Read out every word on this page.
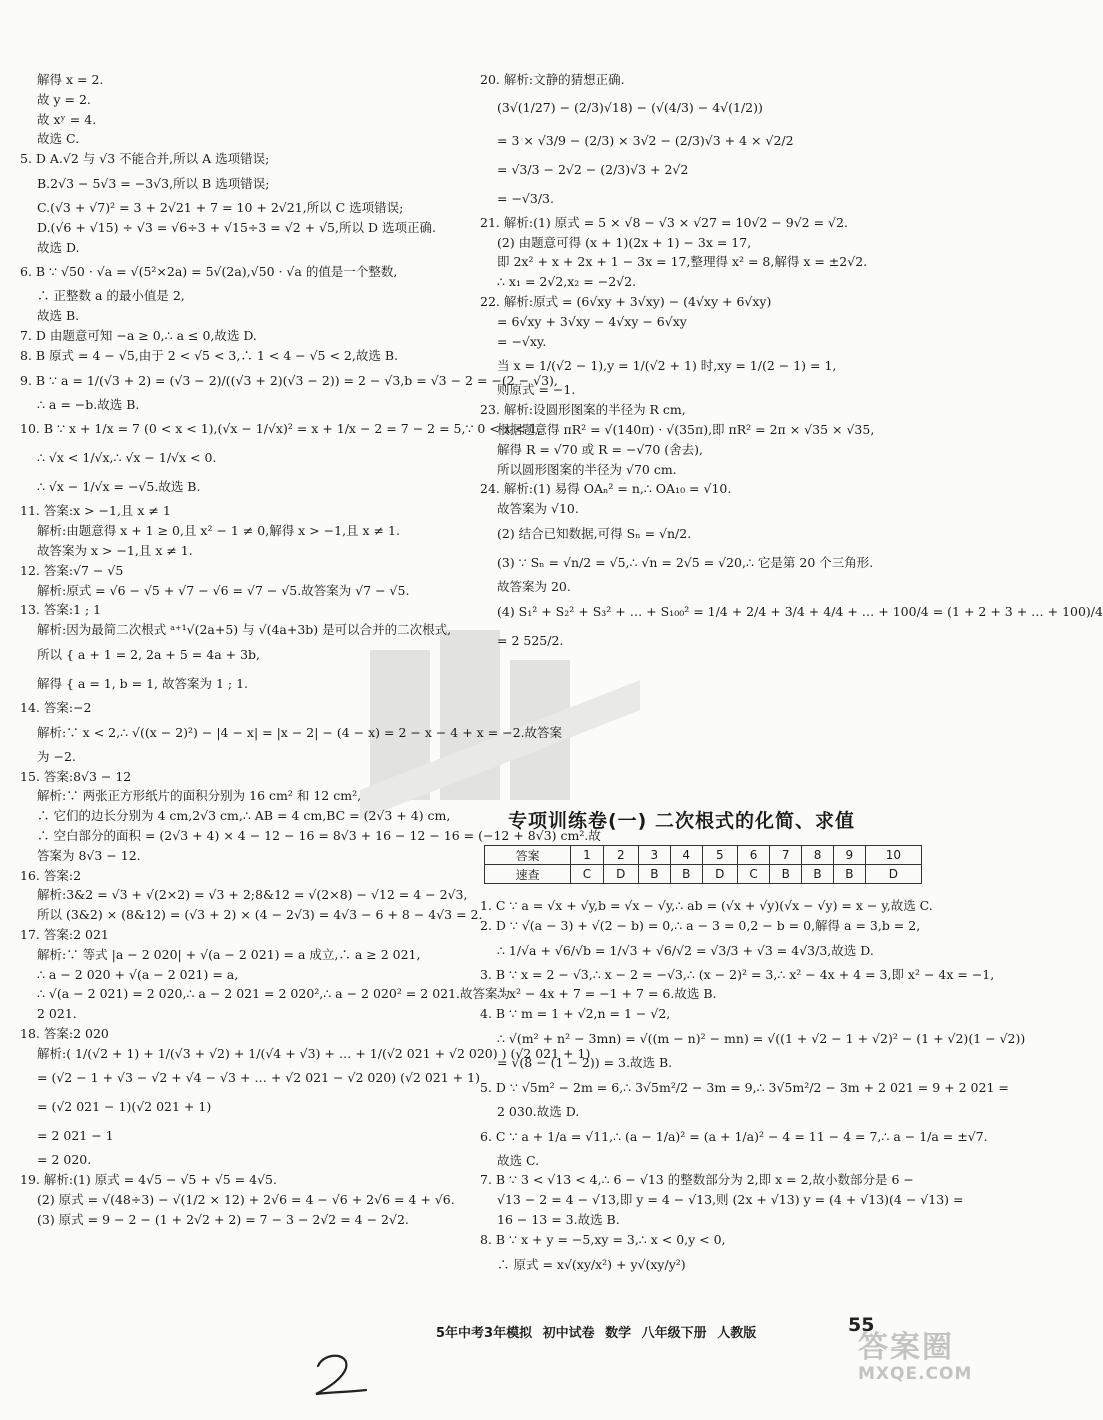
解得 x = 2.
故 y = 2.
故 xʸ = 4.
故选 C.
5. D A.√2 与 √3 不能合并,所以 A 选项错误;
B.2√3 − 5√3 = −3√3,所以 B 选项错误;
C.(√3 + √7)² = 3 + 2√21 + 7 = 10 + 2√21,所以 C 选项错误;
D.(√6 + √15) ÷ √3 = √6÷3 + √15÷3 = √2 + √5,所以 D 选项正确.
故选 D.
6. B ∵ √50 · √a = √(5²×2a) = 5√(2a),√50 · √a 的值是一个整数,
∴ 正整数 a 的最小值是 2,
故选 B.
7. D 由题意可知 −a ≥ 0,∴ a ≤ 0,故选 D.
8. B 原式 = 4 − √5,由于 2 < √5 < 3,∴ 1 < 4 − √5 < 2,故选 B.
9. B ∵ a = 1/(√3 + 2) = (√3 − 2)/((√3 + 2)(√3 − 2)) = 2 − √3,b = √3 − 2 = −(2 − √3),
∴ a = −b.故选 B.
10. B ∵ x + 1/x = 7 (0 < x < 1),(√x − 1/√x)² = x + 1/x − 2 = 7 − 2 = 5,∵ 0 < x < 1,
∴ √x < 1/√x,∴ √x − 1/√x < 0.
∴ √x − 1/√x = −√5.故选 B.
11. 答案:x > −1,且 x ≠ 1
解析:由题意得 x + 1 ≥ 0,且 x² − 1 ≠ 0,解得 x > −1,且 x ≠ 1.
故答案为 x > −1,且 x ≠ 1.
12. 答案:√7 − √5
解析:原式 = √6 − √5 + √7 − √6 = √7 − √5.故答案为 √7 − √5.
13. 答案:1 ; 1
解析:因为最简二次根式 ᵃ⁺¹√(2a+5) 与 √(4a+3b) 是可以合并的二次根式,
所以 { a + 1 = 2, 2a + 5 = 4a + 3b,
解得 { a = 1, b = 1, 故答案为 1 ; 1.
14. 答案:−2
解析:∵ x < 2,∴ √((x − 2)²) − |4 − x| = |x − 2| − (4 − x) = 2 − x − 4 + x = −2.故答案
为 −2.
15. 答案:8√3 − 12
解析:∵ 两张正方形纸片的面积分别为 16 cm² 和 12 cm²,
∴ 它们的边长分别为 4 cm,2√3 cm,∴ AB = 4 cm,BC = (2√3 + 4) cm,
∴ 空白部分的面积 = (2√3 + 4) × 4 − 12 − 16 = 8√3 + 16 − 12 − 16 = (−12 + 8√3) cm².故
答案为 8√3 − 12.
16. 答案:2
解析:3&2 = √3 + √(2×2) = √3 + 2;8&12 = √(2×8) − √12 = 4 − 2√3,
所以 (3&2) × (8&12) = (√3 + 2) × (4 − 2√3) = 4√3 − 6 + 8 − 4√3 = 2.
17. 答案:2 021
解析:∵ 等式 |a − 2 020| + √(a − 2 021) = a 成立,∴ a ≥ 2 021,
∴ a − 2 020 + √(a − 2 021) = a,
∴ √(a − 2 021) = 2 020,∴ a − 2 021 = 2 020²,∴ a − 2 020² = 2 021.故答案为
2 021.
18. 答案:2 020
解析:( 1/(√2 + 1) + 1/(√3 + √2) + 1/(√4 + √3) + … + 1/(√2 021 + √2 020) ) (√2 021 + 1)
= (√2 − 1 + √3 − √2 + √4 − √3 + … + √2 021 − √2 020) (√2 021 + 1)
= (√2 021 − 1)(√2 021 + 1)
= 2 021 − 1
= 2 020.
19. 解析:(1) 原式 = 4√5 − √5 + √5 = 4√5.
(2) 原式 = √(48÷3) − √(1/2 × 12) + 2√6 = 4 − √6 + 2√6 = 4 + √6.
(3) 原式 = 9 − 2 − (1 + 2√2 + 2) = 7 − 3 − 2√2 = 4 − 2√2.
20. 解析:文静的猜想正确.
(3√(1/27) − (2/3)√18) − (√(4/3) − 4√(1/2))
= 3 × √3/9 − (2/3) × 3√2 − (2/3)√3 + 4 × √2/2
= √3/3 − 2√2 − (2/3)√3 + 2√2
= −√3/3.
21. 解析:(1) 原式 = 5 × √8 − √3 × √27 = 10√2 − 9√2 = √2.
(2) 由题意可得 (x + 1)(2x + 1) − 3x = 17,
即 2x² + x + 2x + 1 − 3x = 17,整理得 x² = 8,解得 x = ±2√2.
∴ x₁ = 2√2,x₂ = −2√2.
22. 解析:原式 = (6√xy + 3√xy) − (4√xy + 6√xy)
= 6√xy + 3√xy − 4√xy − 6√xy
= −√xy.
当 x = 1/(√2 − 1),y = 1/(√2 + 1) 时,xy = 1/(2 − 1) = 1,
则原式 = −1.
23. 解析:设圆形图案的半径为 R cm,
根据题意得 πR² = √(140π) · √(35π),即 πR² = 2π × √35 × √35,
解得 R = √70 或 R = −√70 (舍去),
所以圆形图案的半径为 √70 cm.
24. 解析:(1) 易得 OAₙ² = n,∴ OA₁₀ = √10.
故答案为 √10.
(2) 结合已知数据,可得 Sₙ = √n/2.
(3) ∵ Sₙ = √n/2 = √5,∴ √n = 2√5 = √20,∴ 它是第 20 个三角形.
故答案为 20.
(4) S₁² + S₂² + S₃² + … + S₁₀₀² = 1/4 + 2/4 + 3/4 + 4/4 + … + 100/4 = (1 + 2 + 3 + … + 100)/4
= 2 525/2.
专项训练卷(一) 二次根式的化简、求值
答案	1	2	3	4	5	6	7	8	9	10
速查	C	D	B	B	D	C	B	B	B	D
1. C ∵ a = √x + √y,b = √x − √y,∴ ab = (√x + √y)(√x − √y) = x − y,故选 C.
2. D ∵ √(a − 3) + √(2 − b) = 0,∴ a − 3 = 0,2 − b = 0,解得 a = 3,b = 2,
∴ 1/√a + √6/√b = 1/√3 + √6/√2 = √3/3 + √3 = 4√3/3,故选 D.
3. B ∵ x = 2 − √3,∴ x − 2 = −√3,∴ (x − 2)² = 3,∴ x² − 4x + 4 = 3,即 x² − 4x = −1,
∴ x² − 4x + 7 = −1 + 7 = 6.故选 B.
4. B ∵ m = 1 + √2,n = 1 − √2,
∴ √(m² + n² − 3mn) = √((m − n)² − mn) = √((1 + √2 − 1 + √2)² − (1 + √2)(1 − √2))
= √(8 − (1 − 2)) = 3.故选 B.
5. D ∵ √5m² − 2m = 6,∴ 3√5m²/2 − 3m = 9,∴ 3√5m²/2 − 3m + 2 021 = 9 + 2 021 =
2 030.故选 D.
6. C ∵ a + 1/a = √11,∴ (a − 1/a)² = (a + 1/a)² − 4 = 11 − 4 = 7,∴ a − 1/a = ±√7.
故选 C.
7. B ∵ 3 < √13 < 4,∴ 6 − √13 的整数部分为 2,即 x = 2,故小数部分是 6 −
√13 − 2 = 4 − √13,即 y = 4 − √13,则 (2x + √13) y = (4 + √13)(4 − √13) =
16 − 13 = 3.故选 B.
8. B ∵ x + y = −5,xy = 3,∴ x < 0,y < 0,
∴ 原式 = x√(xy/x²) + y√(xy/y²)
5年中考3年模拟 初中试卷 数学 八年级下册 人教版	55
答案圈
MXQE.COM
